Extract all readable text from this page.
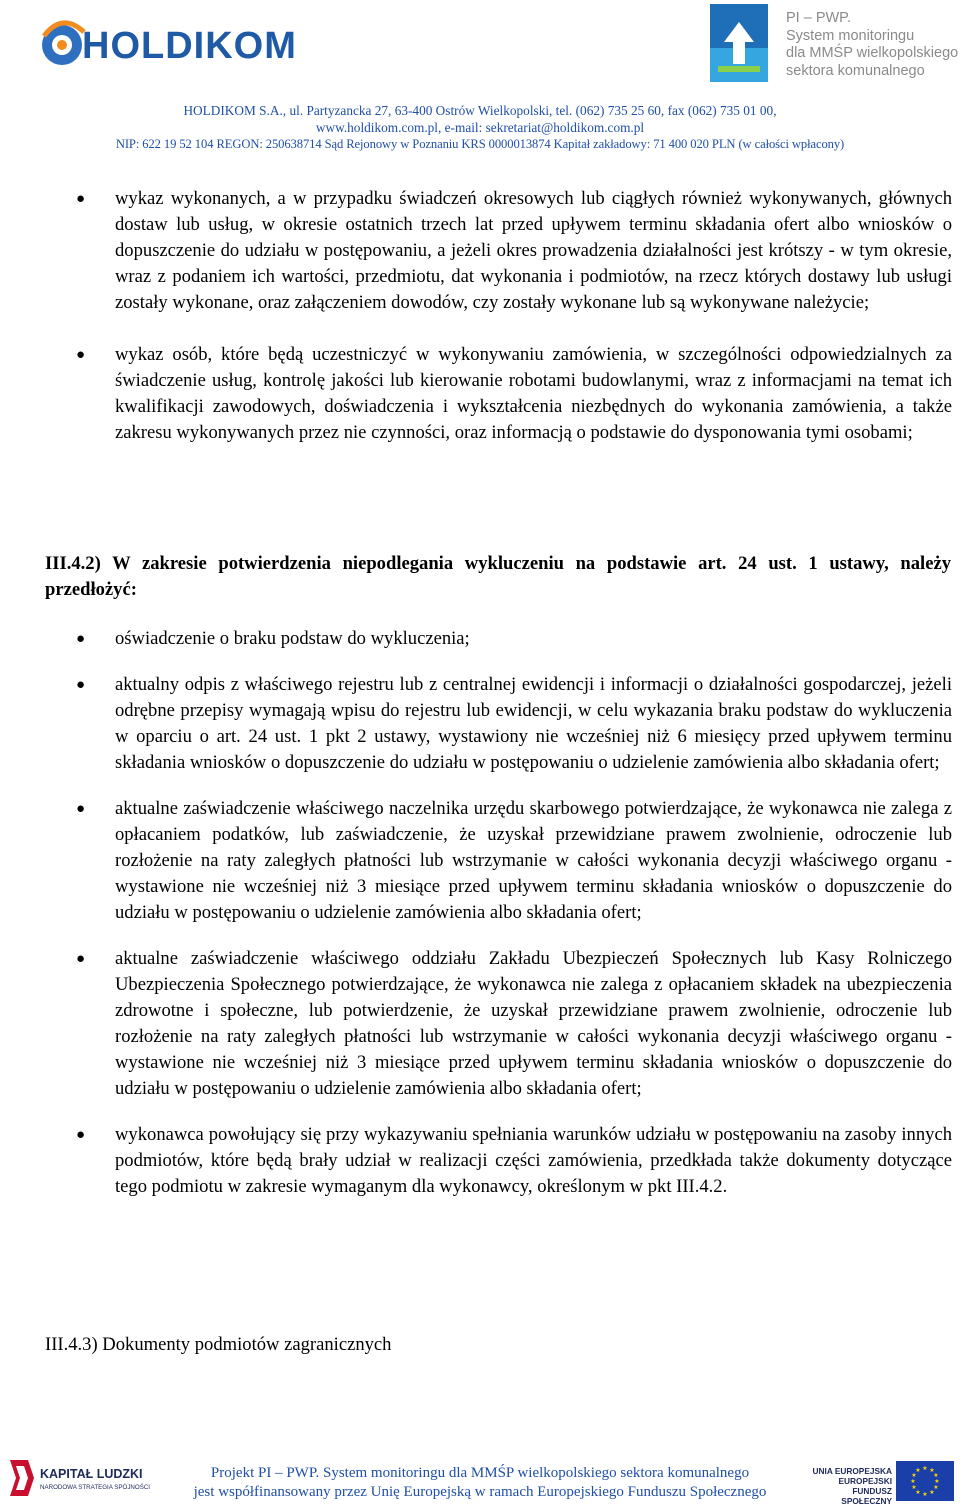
HOLDIKOM
PI – PWP.
System monitoringu
dla MMŚP wielkopolskiego
sektora komunalnego
HOLDIKOM S.A., ul. Partyzancka 27, 63-400 Ostrów Wielkopolski, tel. (062) 735 25 60, fax (062) 735 01 00,
www.holdikom.com.pl, e-mail: sekretariat@holdikom.com.pl
NIP: 622 19 52 104 REGON: 250638714 Sąd Rejonowy w Poznaniu KRS 0000013874 Kapitał zakładowy: 71 400 020 PLN (w całości wpłacony)
● wykaz wykonanych, a w przypadku świadczeń okresowych lub ciągłych również wykonywanych, głównych dostaw lub usług, w okresie ostatnich trzech lat przed upływem terminu składania ofert albo wniosków o dopuszczenie do udziału w postępowaniu, a jeżeli okres prowadzenia działalności jest krótszy - w tym okresie, wraz z podaniem ich wartości, przedmiotu, dat wykonania i podmiotów, na rzecz których dostawy lub usługi zostały wykonane, oraz załączeniem dowodów, czy zostały wykonane lub są wykonywane należycie;

● wykaz osób, które będą uczestniczyć w wykonywaniu zamówienia, w szczególności odpowiedzialnych za świadczenie usług, kontrolę jakości lub kierowanie robotami budowlanymi, wraz z informacjami na temat ich kwalifikacji zawodowych, doświadczenia i wykształcenia niezbędnych do wykonania zamówienia, a także zakresu wykonywanych przez nie czynności, oraz informacją o podstawie do dysponowania tymi osobami;

III.4.2) W zakresie potwierdzenia niepodlegania wykluczeniu na podstawie art. 24 ust. 1 ustawy, należy przedłożyć:

● oświadczenie o braku podstaw do wykluczenia;

● aktualny odpis z właściwego rejestru lub z centralnej ewidencji i informacji o działalności gospodarczej, jeżeli odrębne przepisy wymagają wpisu do rejestru lub ewidencji, w celu wykazania braku podstaw do wykluczenia w oparciu o art. 24 ust. 1 pkt 2 ustawy, wystawiony nie wcześniej niż 6 miesięcy przed upływem terminu składania wniosków o dopuszczenie do udziału w postępowaniu o udzielenie zamówienia albo składania ofert;

● aktualne zaświadczenie właściwego naczelnika urzędu skarbowego potwierdzające, że wykonawca nie zalega z opłacaniem podatków, lub zaświadczenie, że uzyskał przewidziane prawem zwolnienie, odroczenie lub rozłożenie na raty zaległych płatności lub wstrzymanie w całości wykonania decyzji właściwego organu - wystawione nie wcześniej niż 3 miesiące przed upływem terminu składania wniosków o dopuszczenie do udziału w postępowaniu o udzielenie zamówienia albo składania ofert;

● aktualne zaświadczenie właściwego oddziału Zakładu Ubezpieczeń Społecznych lub Kasy Rolniczego Ubezpieczenia Społecznego potwierdzające, że wykonawca nie zalega z opłacaniem składek na ubezpieczenia zdrowotne i społeczne, lub potwierdzenie, że uzyskał przewidziane prawem zwolnienie, odroczenie lub rozłożenie na raty zaległych płatności lub wstrzymanie w całości wykonania decyzji właściwego organu - wystawione nie wcześniej niż 3 miesiące przed upływem terminu składania wniosków o dopuszczenie do udziału w postępowaniu o udzielenie zamówienia albo składania ofert;

● wykonawca powołujący się przy wykazywaniu spełniania warunków udziału w postępowaniu na zasoby innych podmiotów, które będą brały udział w realizacji części zamówienia, przedkłada także dokumenty dotyczące tego podmiotu w zakresie wymaganym dla wykonawcy, określonym w pkt III.4.2.

III.4.3) Dokumenty podmiotów zagranicznych

KAPITAŁ LUDZKI
NARODOWA STRATEGIA SPÓJNOŚCI
Projekt PI – PWP. System monitoringu dla MMŚP wielkopolskiego sektora komunalnego
jest współfinansowany przez Unię Europejską w ramach Europejskiego Funduszu Społecznego
UNIA EUROPEJSKA
EUROPEJSKI
FUNDUSZ SPOŁECZNY
★ ★
★
★
★
★
★
★
★
★
★
★
